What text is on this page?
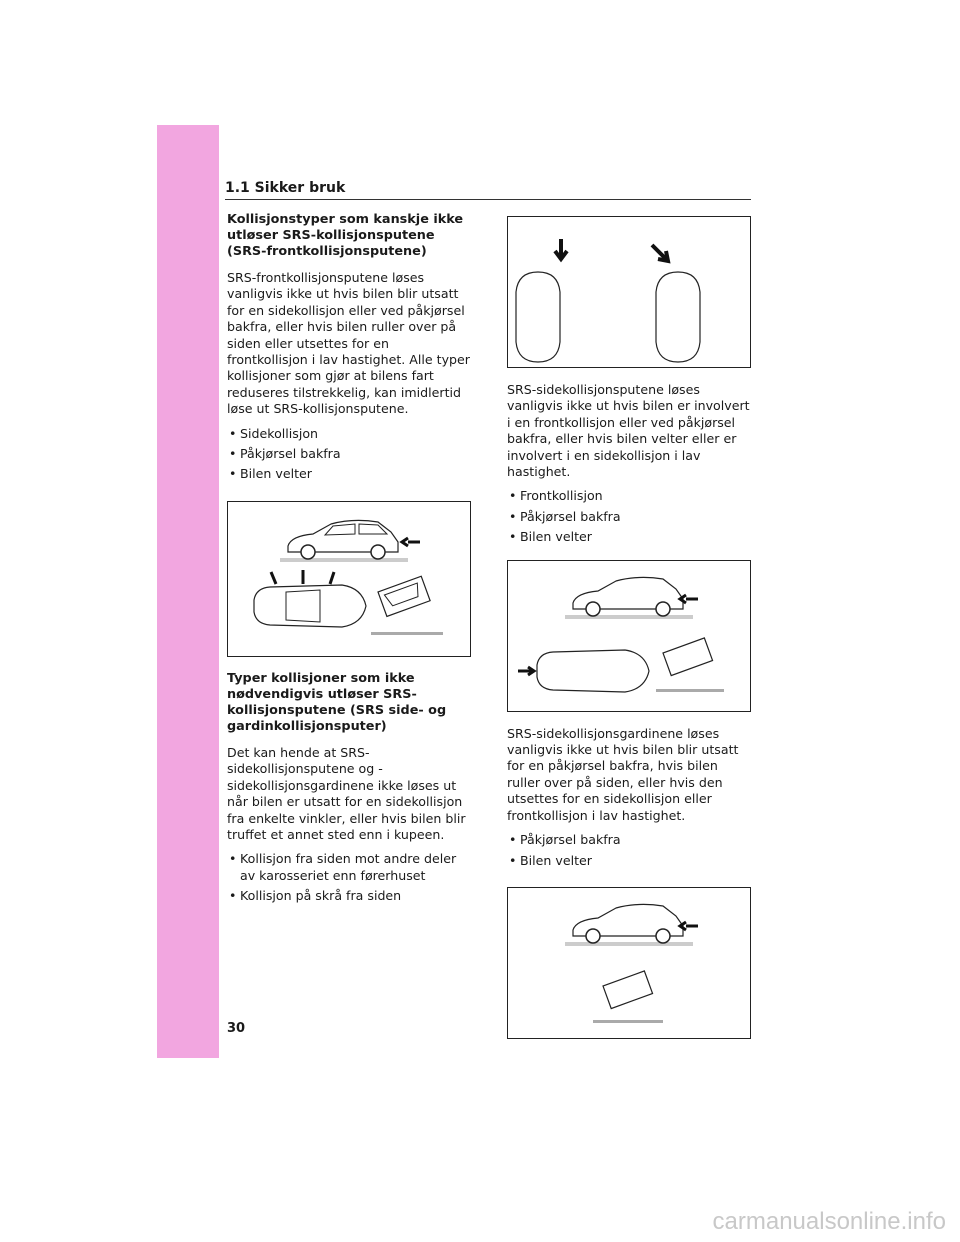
1.1 Sikker bruk
Kollisjonstyper som kanskje ikke utløser SRS-kollisjonsputene (SRS-frontkollisjonsputene)

SRS-frontkollisjonsputene løses vanligvis ikke ut hvis bilen blir utsatt for en sidekollisjon eller ved påkjørsel bakfra, eller hvis bilen ruller over på siden eller utsettes for en frontkollisjon i lav hastighet. Alle typer kollisjoner som gjør at bilens fart reduseres tilstrekkelig, kan imidlertid løse ut SRS-kollisjonsputene.

• Sidekollisjon
• Påkjørsel bakfra
• Bilen velter
Typer kollisjoner som ikke nødvendigvis utløser SRS-kollisjonsputene (SRS side- og gardinkollisjonsputer)

Det kan hende at SRS-sidekollisjonsputene og -sidekollisjonsgardinene ikke løses ut når bilen er utsatt for en sidekollisjon fra enkelte vinkler, eller hvis bilen blir truffet et annet sted enn i kupeen.

• Kollisjon fra siden mot andre deler av karosseriet enn førerhuset
• Kollisjon på skrå fra siden

SRS-sidekollisjonsputene løses vanligvis ikke ut hvis bilen er involvert i en frontkollisjon eller ved påkjørsel bakfra, eller hvis bilen velter eller er involvert i en sidekollisjon i lav hastighet.

• Frontkollisjon
• Påkjørsel bakfra
• Bilen velter

SRS-sidekollisjonsgardinene løses vanligvis ikke ut hvis bilen blir utsatt for en påkjørsel bakfra, hvis bilen ruller over på siden, eller hvis den utsettes for en sidekollisjon eller frontkollisjon i lav hastighet.

• Påkjørsel bakfra
• Bilen velter
30
carmanualsonline.info
